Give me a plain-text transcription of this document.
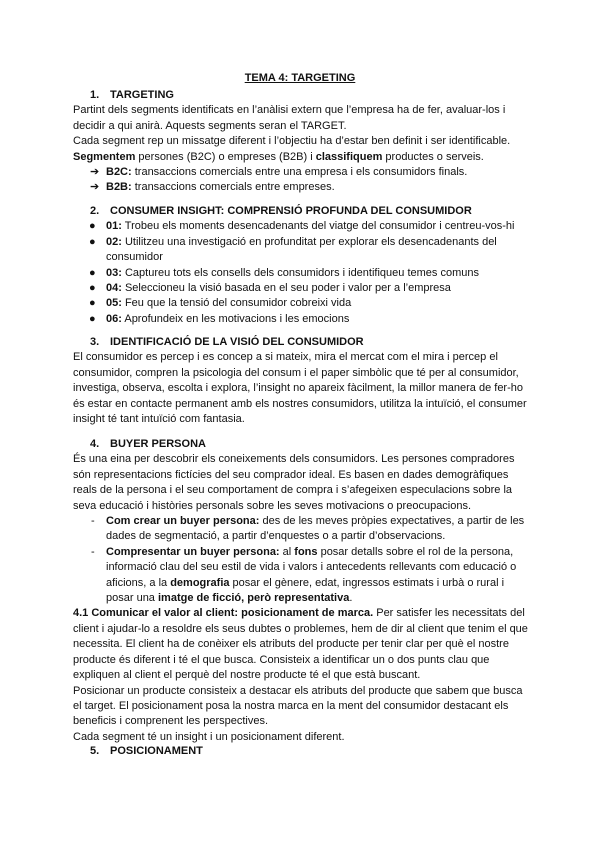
TEMA 4: TARGETING
1. TARGETING

Partint dels segments identificats en l’anàlisi extern que l’empresa ha de fer, avaluar-los i decidir a qui anirà. Aquests segments seran el TARGET.

Cada segment rep un missatge diferent i l’objectiu ha d’estar ben definit i ser identificable.

Segmentem persones (B2C) o empreses (B2B) i classifiquem productes o serveis.

➔ B2C: transaccions comercials entre una empresa i els consumidors finals.
➔ B2B: transaccions comercials entre empreses.
2. CONSUMER INSIGHT: COMPRENSIÓ PROFUNDA DEL CONSUMIDOR
● 01: Trobeu els moments desencadenants del viatge del consumidor i centreu-vos-hi
● 02: Utilitzeu una investigació en profunditat per explorar els desencadenants del consumidor
● 03: Captureu tots els consells dels consumidors i identifiqueu temes comuns
● 04: Seleccioneu la visió basada en el seu poder i valor per a l’empresa
● 05: Feu que la tensió del consumidor cobreixi vida
● 06: Aprofundeix en les motivacions i les emocions
3. IDENTIFICACIÓ DE LA VISIÓ DEL CONSUMIDOR

El consumidor es percep i es concep a si mateix, mira el mercat com el mira i percep el consumidor, compren la psicologia del consum i el paper simbòlic que té per al consumidor, investiga, observa, escolta i explora, l’insight no apareix fàcilment, la millor manera de fer-ho és estar en contacte permanent amb els nostres consumidors, utilitza la intuïció, el consumer insight té tant intuïció com fantasia.

4. BUYER PERSONA

És una eina per descobrir els coneixements dels consumidors. Les persones compradores són representacions fictícies del seu comprador ideal. Es basen en dades demogràfiques reals de la persona i el seu comportament de compra i s’afegeixen especulacions sobre la seva educació i històries personals sobre les seves motivacions o preocupacions.

- Com crear un buyer persona: des de les meves pròpies expectatives, a partir de les dades de segmentació, a partir d’enquestes o a partir d’observacions.
- Compresentar un buyer persona: al fons posar detalls sobre el rol de la persona, informació clau del seu estil de vida i valors i antecedents rellevants com educació o aficions, a la demografia posar el gènere, edat, ingressos estimats i urbà o rural i posar una imatge de ficció, però representativa.

4.1 Comunicar el valor al client: posicionament de marca. Per satisfer les necessitats del client i ajudar-lo a resoldre els seus dubtes o problemes, hem de dir al client que tenim el que necessita. El client ha de conèixer els atributs del producte per tenir clar per què el nostre producte és diferent i té el que busca. Consisteix a identificar un o dos punts clau que expliquen al client el perquè del nostre producte té el que està buscant.

Posicionar un producte consisteix a destacar els atributs del producte que sabem que busca el target. El posicionament posa la nostra marca en la ment del consumidor destacant els beneficis i comprenent les perspectives.

Cada segment té un insight i un posicionament diferent.

5. POSICIONAMENT
